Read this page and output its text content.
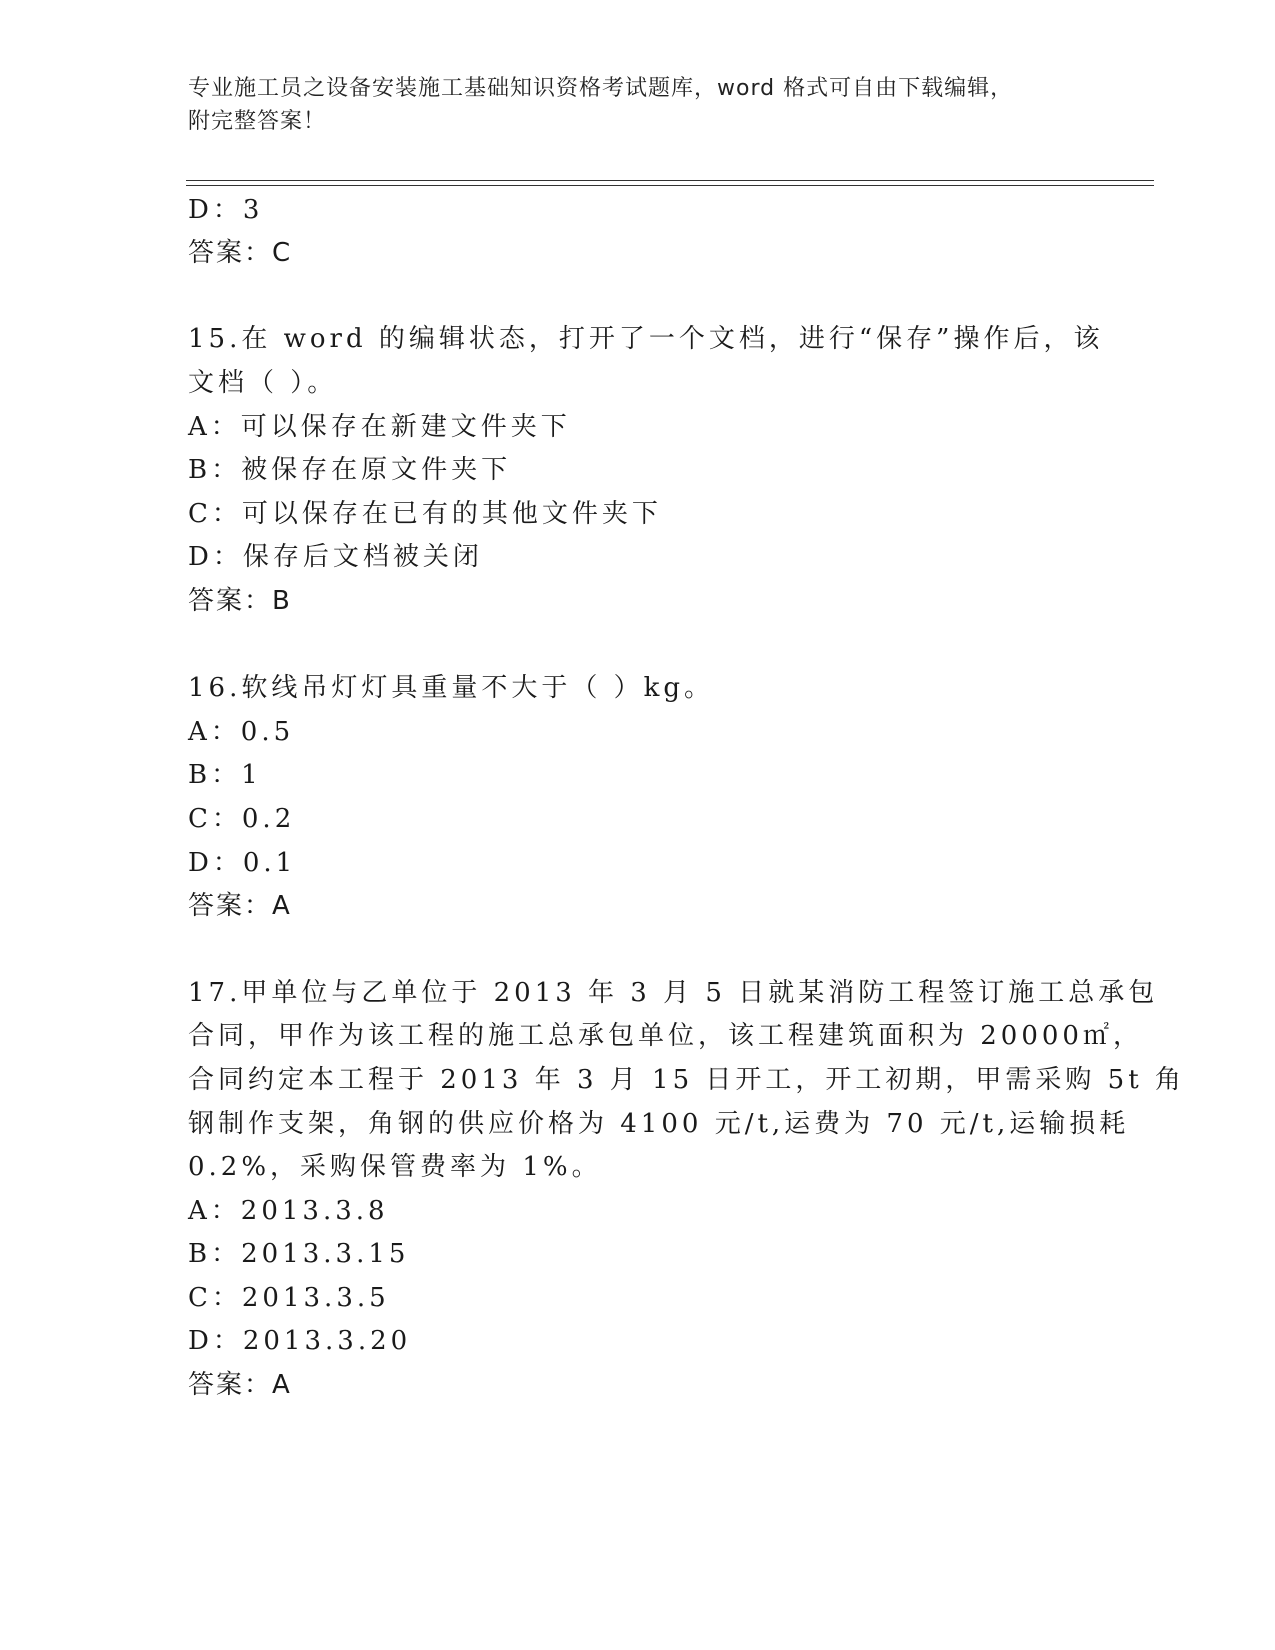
专业施工员之设备安装施工基础知识资格考试题库，word 格式可自由下载编辑，
附完整答案！
D：3
答案：C
15.在 word 的编辑状态，打开了一个文档，进行“保存”操作后，该
文档（ ）。
A：可以保存在新建文件夹下
B：被保存在原文件夹下
C：可以保存在已有的其他文件夹下
D：保存后文档被关闭
答案：B
16.软线吊灯灯具重量不大于（ ）kg。
A：0.5
B：1
C：0.2
D：0.1
答案：A
17.甲单位与乙单位于 2013 年 3 月 5 日就某消防工程签订施工总承包
合同，甲作为该工程的施工总承包单位，该工程建筑面积为 20000㎡，
合同约定本工程于 2013 年 3 月 15 日开工，开工初期，甲需采购 5t 角
钢制作支架，角钢的供应价格为 4100 元/t,运费为 70 元/t,运输损耗
0.2%，采购保管费率为 1%。
A：2013.3.8
B：2013.3.15
C：2013.3.5
D：2013.3.20
答案：A
